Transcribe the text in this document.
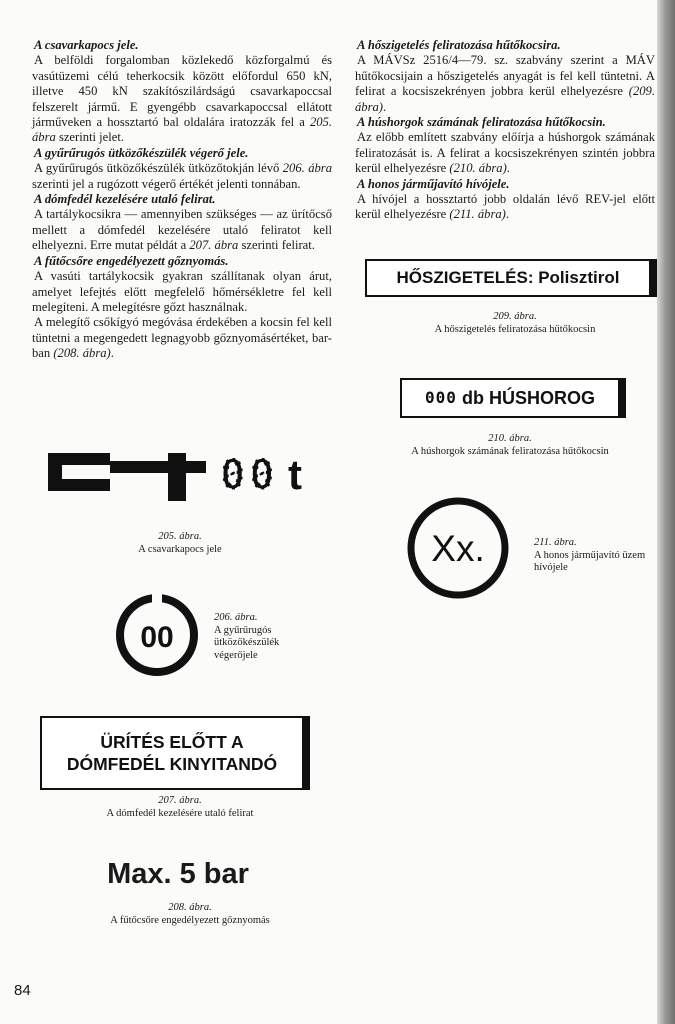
A csavarkapocs jele.

A belföldi forgalomban közlekedő közforgalmú és vasútüzemi célú teherkocsik között előfordul 650 kN, illetve 450 kN szakítószilárdságú csavarkapoccsal felszerelt jármű. E gyengébb csavarkapoccsal ellátott járműveken a hossztartó bal oldalára iratozzák fel a 205. ábra szerinti jelet.

A gyűrűrugós ütközőkészülék végerő jele.

A gyűrűrugós ütközőkészülék ütközőtokján lévő 206. ábra szerinti jel a rugózott végerő értékét jelenti tonnában.

A dómfedél kezelésére utaló felirat.

A tartálykocsikra — amennyiben szükséges — az ürítőcső mellett a dómfedél kezelésére utaló feliratot kell elhelyezni. Erre mutat példát a 207. ábra szerinti felirat.

A fűtőcsőre engedélyezett gőznyomás.

A vasúti tartálykocsik gyakran szállítanak olyan árut, amelyet lefejtés előtt megfelelő hőmérsékletre fel kell melegíteni. A melegítésre gőzt használnak.

A melegítő csőkígyó megóvása érdekében a kocsin fel kell tüntetni a megengedett legnagyobb gőznyomásértéket, bar-ban (208. ábra).

A hőszigetelés feliratozása hűtőkocsira.

A MÁVSz 2516/4—79. sz. szabvány szerint a MÁV hűtőkocsijain a hőszigetelés anyagát is fel kell tüntetni. A felirat a kocsiszekrényen jobbra kerül elhelyezésre (209. ábra).

A húshorgok számának feliratozása hűtőkocsin.

Az előbb említett szabvány előírja a húshorgok számának feliratozását is. A felirat a kocsiszekrényen szintén jobbra kerül elhelyezésre (210. ábra).

A honos járműjavító hívójele.

A hívójel a hossztartó jobb oldalán lévő REV-jel előtt kerül elhelyezésre (211. ábra).

00 t
205. ábra.
A csavarkapocs jele
00
206. ábra.
A gyűrűrugós ütközőkészülék végerőjele
ÜRÍTÉS ELŐTT A
DÓMFEDÉL KINYITANDÓ
207. ábra.
A dómfedél kezelésére utaló felirat
Max. 5 bar
208. ábra.
A fűtőcsőre engedélyezett gőznyomás
HŐSZIGETELÉS: Polisztirol
209. ábra.
A hőszigetelés feliratozása hűtőkocsin
000 db HÚSHOROG
210. ábra.
A húshorgok számának feliratozása hűtőkocsin
Xx.	211. ábra.
A honos járműjavító üzem hívójele
84
